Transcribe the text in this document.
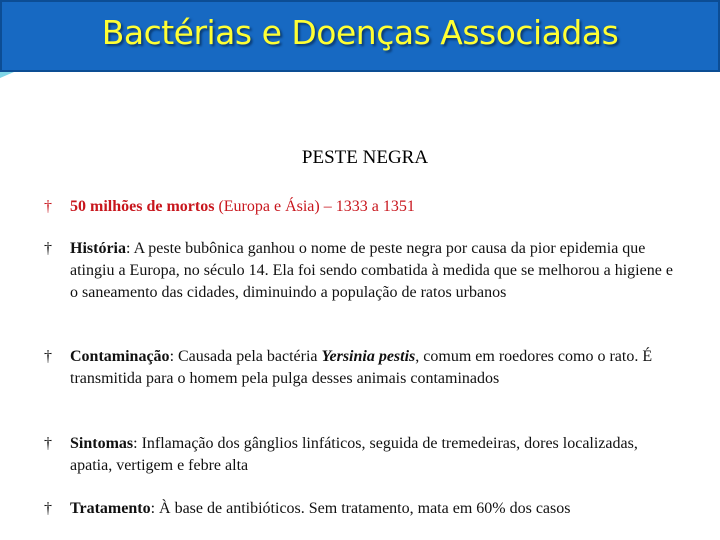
Bactérias e Doenças Associadas
PESTE NEGRA
† 50 milhões de mortos (Europa e Ásia) – 1333 a 1351
† História: A peste bubônica ganhou o nome de peste negra por causa da pior epidemia que atingiu a Europa, no século 14. Ela foi sendo combatida à medida que se melhorou a higiene e o saneamento das cidades, diminuindo a população de ratos urbanos
† Contaminação: Causada pela bactéria Yersinia pestis, comum em roedores como o rato. É transmitida para o homem pela pulga desses animais contaminados
† Sintomas: Inflamação dos gânglios linfáticos, seguida de tremedeiras, dores localizadas, apatia, vertigem e febre alta
† Tratamento: À base de antibióticos. Sem tratamento, mata em 60% dos casos
